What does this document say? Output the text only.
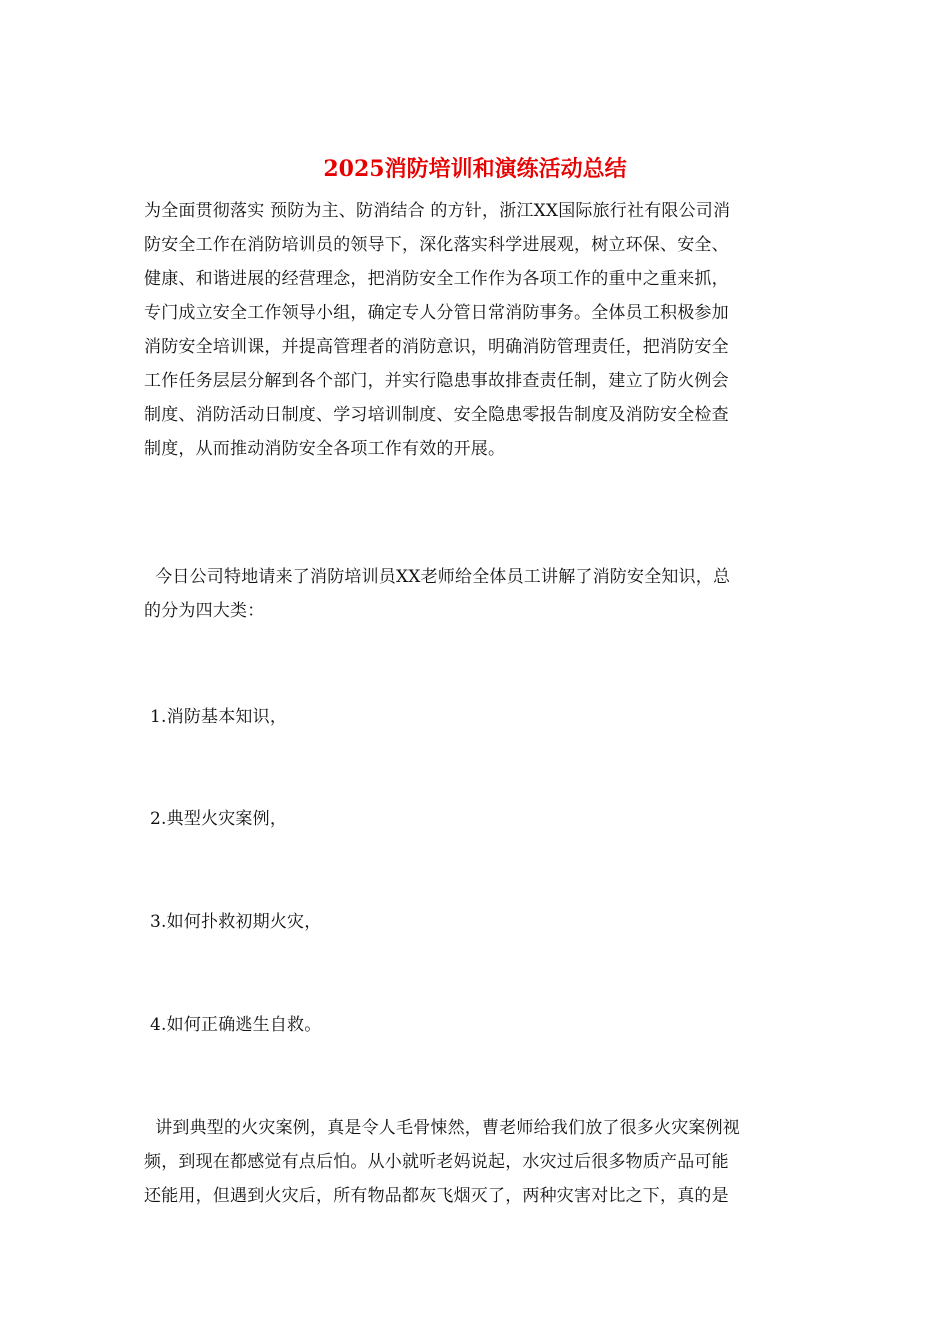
2025消防培训和演练活动总结

为全面贯彻落实 预防为主、防消结合 的方针，浙江XX国际旅行社有限公司消
防安全工作在消防培训员的领导下，深化落实科学进展观，树立环保、安全、
健康、和谐进展的经营理念，把消防安全工作作为各项工作的重中之重来抓，
专门成立安全工作领导小组，确定专人分管日常消防事务。全体员工积极参加
消防安全培训课，并提高管理者的消防意识，明确消防管理责任，把消防安全
工作任务层层分解到各个部门，并实行隐患事故排查责任制，建立了防火例会
制度、消防活动日制度、学习培训制度、安全隐患零报告制度及消防安全检查
制度，从而推动消防安全各项工作有效的开展。

今日公司特地请来了消防培训员XX老师给全体员工讲解了消防安全知识，总
的分为四大类：

1.消防基本知识，

2.典型火灾案例，

3.如何扑救初期火灾，

4.如何正确逃生自救。

讲到典型的火灾案例，真是令人毛骨悚然，曹老师给我们放了很多火灾案例视
频，到现在都感觉有点后怕。从小就听老妈说起，水灾过后很多物质产品可能
还能用，但遇到火灾后，所有物品都灰飞烟灭了，两种灾害对比之下，真的是
